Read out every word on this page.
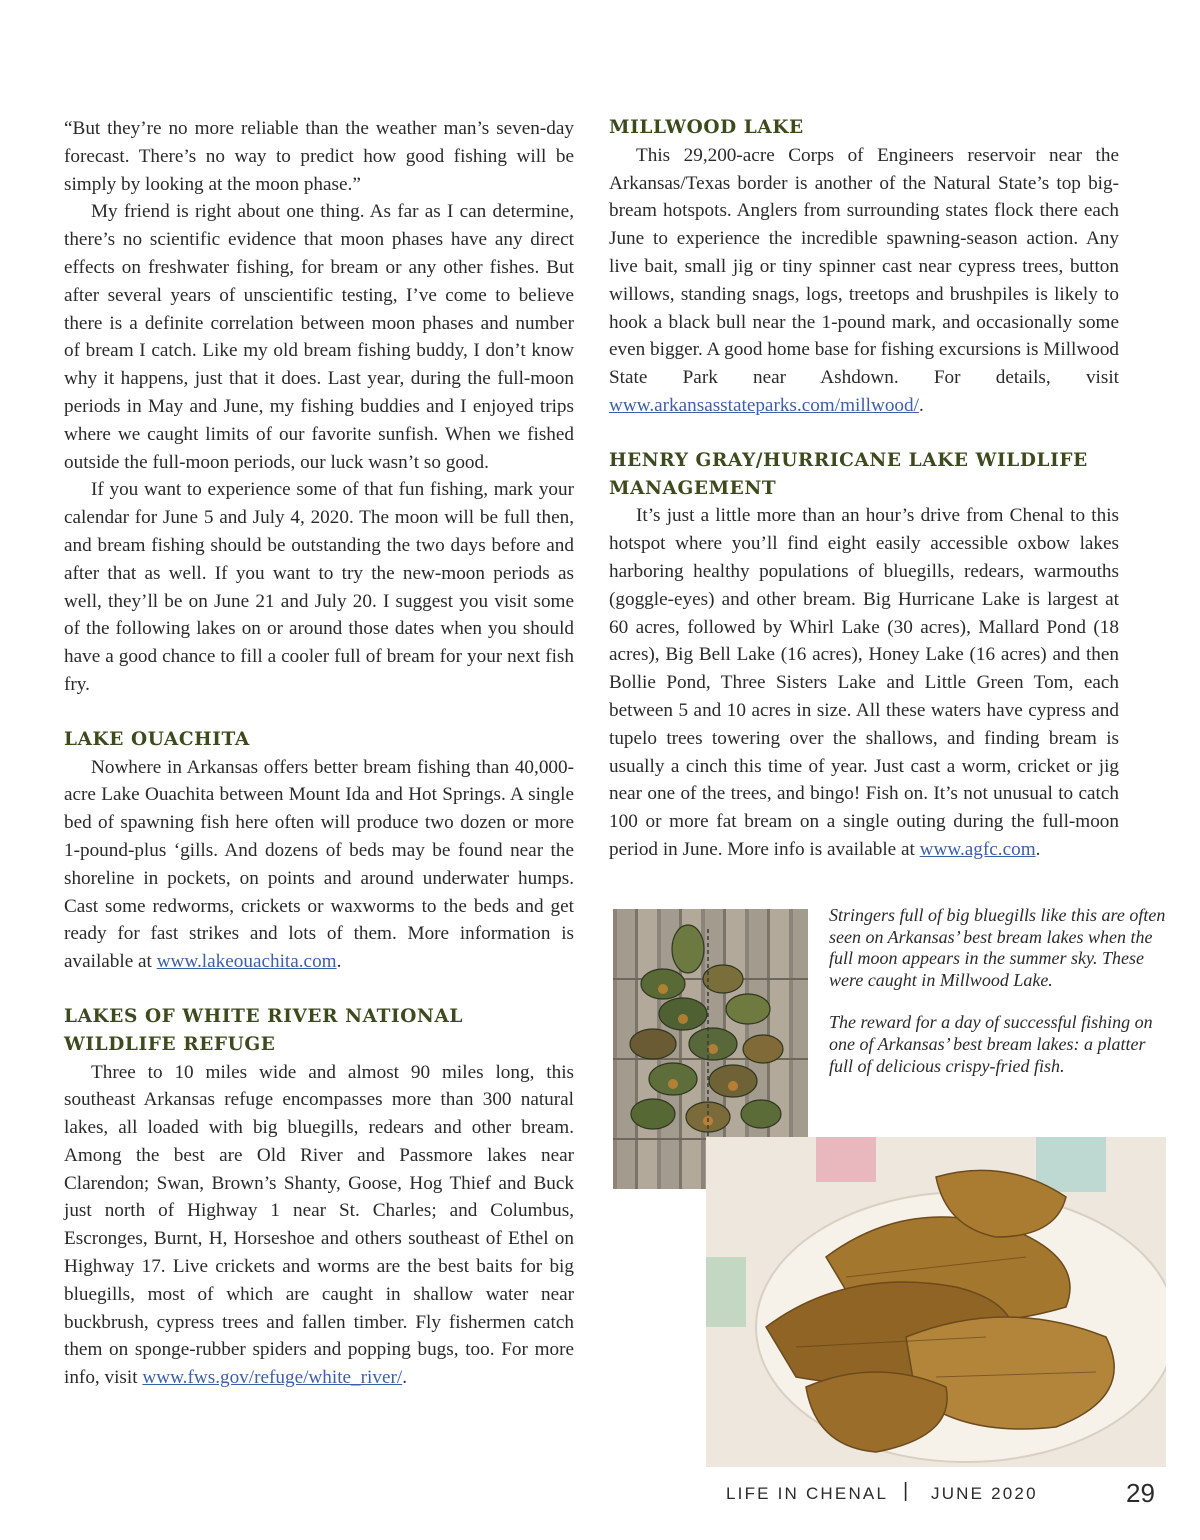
“But they’re no more reliable than the weather man’s seven-day forecast. There’s no way to predict how good fishing will be simply by looking at the moon phase.”

My friend is right about one thing. As far as I can determine, there’s no scientific evidence that moon phases have any direct effects on freshwater fishing, for bream or any other fishes. But after several years of unscientific testing, I’ve come to believe there is a definite correlation between moon phases and number of bream I catch. Like my old bream fishing buddy, I don’t know why it happens, just that it does. Last year, during the full-moon periods in May and June, my fishing buddies and I enjoyed trips where we caught limits of our favorite sunfish. When we fished outside the full-moon periods, our luck wasn’t so good.

If you want to experience some of that fun fishing, mark your calendar for June 5 and July 4, 2020. The moon will be full then, and bream fishing should be outstanding the two days before and after that as well. If you want to try the new-moon periods as well, they’ll be on June 21 and July 20. I suggest you visit some of the following lakes on or around those dates when you should have a good chance to fill a cooler full of bream for your next fish fry.

LAKE OUACHITA

Nowhere in Arkansas offers better bream fishing than 40,000-acre Lake Ouachita between Mount Ida and Hot Springs. A single bed of spawning fish here often will produce two dozen or more 1-pound-plus ‘gills. And dozens of beds may be found near the shoreline in pockets, on points and around underwater humps. Cast some redworms, crickets or waxworms to the beds and get ready for fast strikes and lots of them. More information is available at www.lakeouachita.com.

LAKES OF WHITE RIVER NATIONAL WILDLIFE REFUGE

Three to 10 miles wide and almost 90 miles long, this southeast Arkansas refuge encompasses more than 300 natural lakes, all loaded with big bluegills, redears and other bream. Among the best are Old River and Passmore lakes near Clarendon; Swan, Brown’s Shanty, Goose, Hog Thief and Buck just north of Highway 1 near St. Charles; and Columbus, Escronges, Burnt, H, Horseshoe and others southeast of Ethel on Highway 17. Live crickets and worms are the best baits for big bluegills, most of which are caught in shallow water near buckbrush, cypress trees and fallen timber. Fly fishermen catch them on sponge-rubber spiders and popping bugs, too. For more info, visit www.fws.gov/refuge/white_river/.

MILLWOOD LAKE

This 29,200-acre Corps of Engineers reservoir near the Arkansas/Texas border is another of the Natural State’s top big-bream hotspots. Anglers from surrounding states flock there each June to experience the incredible spawning-season action. Any live bait, small jig or tiny spinner cast near cypress trees, button willows, standing snags, logs, treetops and brushpiles is likely to hook a black bull near the 1-pound mark, and occasionally some even bigger. A good home base for fishing excursions is Millwood State Park near Ashdown. For details, visit www.arkansasstateparks.com/millwood/.

HENRY GRAY/HURRICANE LAKE WILDLIFE MANAGEMENT

It’s just a little more than an hour’s drive from Chenal to this hotspot where you’ll find eight easily accessible oxbow lakes harboring healthy populations of bluegills, redears, warmouths (goggle-eyes) and other bream. Big Hurricane Lake is largest at 60 acres, followed by Whirl Lake (30 acres), Mallard Pond (18 acres), Big Bell Lake (16 acres), Honey Lake (16 acres) and then Bollie Pond, Three Sisters Lake and Little Green Tom, each between 5 and 10 acres in size. All these waters have cypress and tupelo trees towering over the shallows, and finding bream is usually a cinch this time of year. Just cast a worm, cricket or jig near one of the trees, and bingo! Fish on. It’s not unusual to catch 100 or more fat bream on a single outing during the full-moon period in June. More info is available at www.agfc.com.

Stringers full of big bluegills like this are often seen on Arkansas’ best bream lakes when the full moon appears in the summer sky. These were caught in Millwood Lake.

The reward for a day of successful fishing on one of Arkansas’ best bream lakes: a platter full of delicious crispy-fried fish.

LIFE IN CHENAL | JUNE 2020	29
